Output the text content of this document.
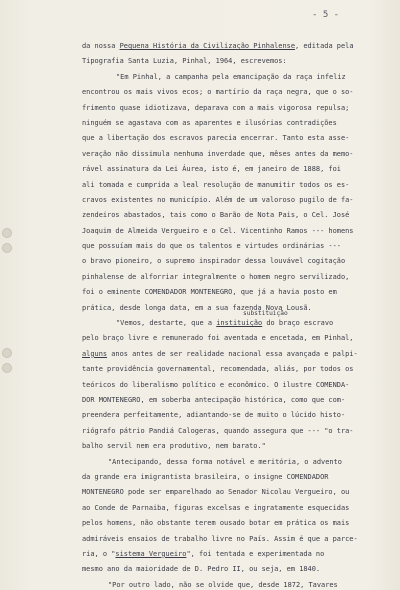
- 5 -
da nossa Pequena História da Civilização Pinhalense, editada pela
Tipografia Santa Luzia, Pinhal, 1964, escrevemos:
"Em Pinhal, a campanha pela emancipação da raça infeliz
encontrou os mais vivos ecos; o martírio da raça negra, que o so-
frimento quase idiotizava, deparava com a mais vigorosa repulsa;
ninguém se agastava com as aparentes e ilusórias contradições
que a libertação dos escravos parecia encerrar. Tanto esta asse-
veração não dissimula nenhuma inverdade que, mêses antes da memo-
rável assinatura da Lei Áurea, isto é, em janeiro de 1888, foi
ali tomada e cumprida a leal resolução de manumitir todos os es-
cravos existentes no município. Além de um valoroso pugilo de fa-
zendeiros abastados, tais como o Barão de Nota Pais, o Cel. José
Joaquim de Almeida Vergueiro e o Cel. Vicentinho Ramos --- homens
que possuíam mais do que os talentos e virtudes ordinárias ---
o bravo pioneiro, o supremo inspirador dessa louvável cogitação
pinhalense de alforriar integralmente o homem negro servilizado,
foi o eminente COMENDADOR MONTENEGRO, que já a havia posto em
prática, desde longa data, em a sua fazenda Nova Lousã.
"Vemos, destarte, que a instituição do braço escravo
substituição
pelo braço livre e remunerado foi aventada e encetada, em Pinhal,
alguns anos antes de ser realidade nacional essa avançada e palpi-
tante providência governamental, recomendada, aliás, por todos os
teóricos do liberalismo político e econômico. O ilustre COMENDA-
DOR MONTENEGRO, em soberba antecipação histórica, como que com-
preendera perfeitamente, adiantando-se de muito o lúcido histo-
riógrafo pátrio Pandiá Calogeras, quando assegura que --- "o tra-
balho servil nem era produtivo, nem barato."
"Antecipando, dessa forma notável e meritória, o advento
da grande era imigrantista brasileira, o insigne COMENDADOR
MONTENEGRO pode ser emparelhado ao Senador Nicolau Vergueiro, ou
ao Conde de Parnaiba, figuras excelsas e ingratamente esquecidas
pelos homens, não obstante terem ousado botar em prática os mais
admiráveis ensaios de trabalho livre no País. Assim é que a parce-
ria, o "sistema Vergueiro", foi tentada e experimentada no
mesmo ano da maioridade de D. Pedro II, ou seja, em 1840.
"Por outro lado, não se olvide que, desde 1872, Tavares
